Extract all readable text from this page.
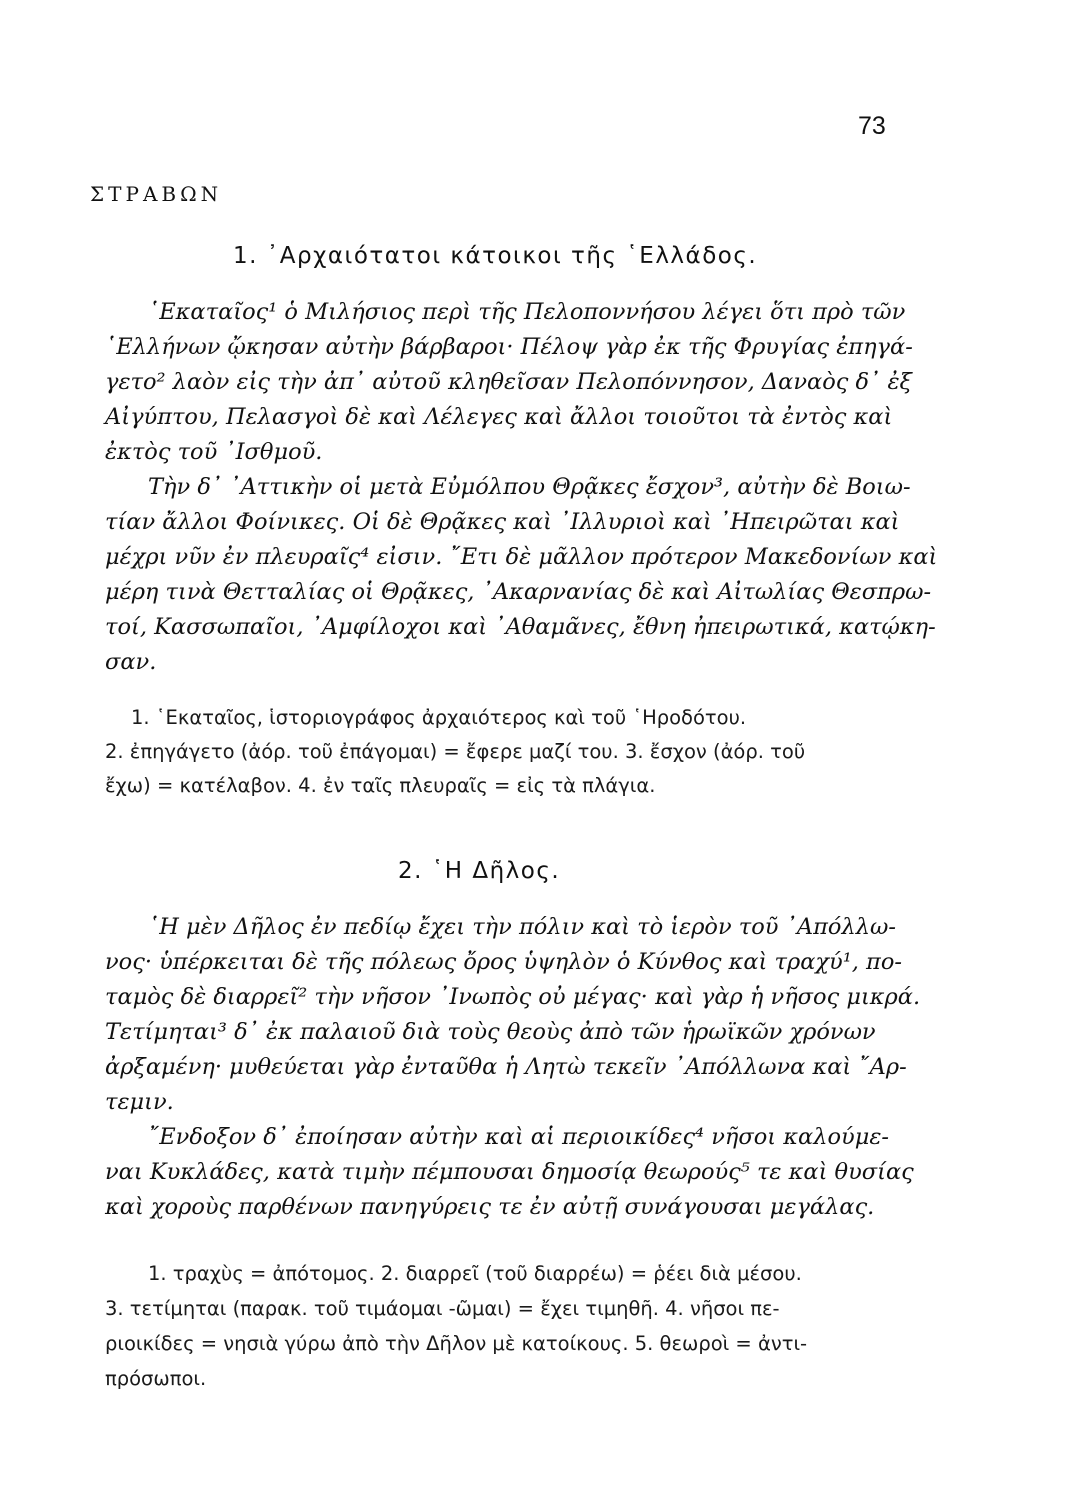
73
ΣΤΡΑΒΩΝ
1. ᾿Αρχαιότατοι κάτοικοι τῆς ῾Ελλάδος.
῾Εκαταῖος¹ ὁ Μιλήσιος περὶ τῆς Πελοποννήσου λέγει ὅτι πρὸ τῶν
῾Ελλήνων ᾤκησαν αὐτὴν βάρβαροι· Πέλοψ γὰρ ἐκ τῆς Φρυγίας ἐπηγά-
γετο² λαὸν εἰς τὴν ἀπ᾿ αὐτοῦ κληθεῖσαν Πελοπόννησον, Δαναὸς δ᾿ ἐξ
Αἰγύπτου, Πελασγοὶ δὲ καὶ Λέλεγες καὶ ἄλλοι τοιοῦτοι τὰ ἐντὸς καὶ
ἐκτὸς τοῦ ᾿Ισθμοῦ.
Τὴν δ᾿ ᾿Αττικὴν οἱ μετὰ Εὐμόλπου Θρᾷκες ἔσχον³, αὐτὴν δὲ Βοιω-
τίαν ἄλλοι Φοίνικες. Οἱ δὲ Θρᾷκες καὶ ᾿Ιλλυριοὶ καὶ ᾿Ηπειρῶται καὶ
μέχρι νῦν ἐν πλευραῖς⁴ εἰσιν. ῎Ετι δὲ μᾶλλον πρότερον Μακεδονίων καὶ
μέρη τινὰ Θετταλίας οἱ Θρᾷκες, ᾿Ακαρνανίας δὲ καὶ Αἰτωλίας Θεσπρω-
τοί, Κασσωπαῖοι, ᾿Αμφίλοχοι καὶ ᾿Αθαμᾶνες, ἔθνη ἠπειρωτικά, κατῴκη-
σαν.
1. ῾Εκαταῖος, ἱστοριογράφος ἀρχαιότερος καὶ τοῦ ῾Ηροδότου.
2. ἐπηγάγετο (ἀόρ. τοῦ ἐπάγομαι) = ἔφερε μαζί του. 3. ἔσχον (ἀόρ. τοῦ
ἔχω) = κατέλαβον. 4. ἐν ταῖς πλευραῖς = εἰς τὰ πλάγια.
2. ῾Η Δῆλος.
῾Η μὲν Δῆλος ἐν πεδίῳ ἔχει τὴν πόλιν καὶ τὸ ἱερὸν τοῦ ᾿Απόλλω-
νος· ὑπέρκειται δὲ τῆς πόλεως ὄρος ὑψηλὸν ὁ Κύνθος καὶ τραχύ¹, πο-
ταμὸς δὲ διαρρεῖ² τὴν νῆσον ᾿Ινωπὸς οὐ μέγας· καὶ γὰρ ἡ νῆσος μικρά.
Τετίμηται³ δ᾿ ἐκ παλαιοῦ διὰ τοὺς θεοὺς ἀπὸ τῶν ἡρωϊκῶν χρόνων
ἀρξαμένη· μυθεύεται γὰρ ἐνταῦθα ἡ Λητὼ τεκεῖν ᾿Απόλλωνα καὶ ῎Αρ-
τεμιν.
῎Ενδοξον δ᾿ ἐποίησαν αὐτὴν καὶ αἱ περιοικίδες⁴ νῆσοι καλούμε-
ναι Κυκλάδες, κατὰ τιμὴν πέμπουσαι δημοσίᾳ θεωρούς⁵ τε καὶ θυσίας
καὶ χοροὺς παρθένων πανηγύρεις τε ἐν αὐτῇ συνάγουσαι μεγάλας.
1. τραχὺς = ἀπότομος. 2. διαρρεῖ (τοῦ διαρρέω) = ῥέει διὰ μέσου.
3. τετίμηται (παρακ. τοῦ τιμάομαι -ῶμαι) = ἔχει τιμηθῆ. 4. νῆσοι πε-
ριοικίδες = νησιὰ γύρω ἀπὸ τὴν Δῆλον μὲ κατοίκους. 5. θεωροὶ = ἀντι-
πρόσωποι.
